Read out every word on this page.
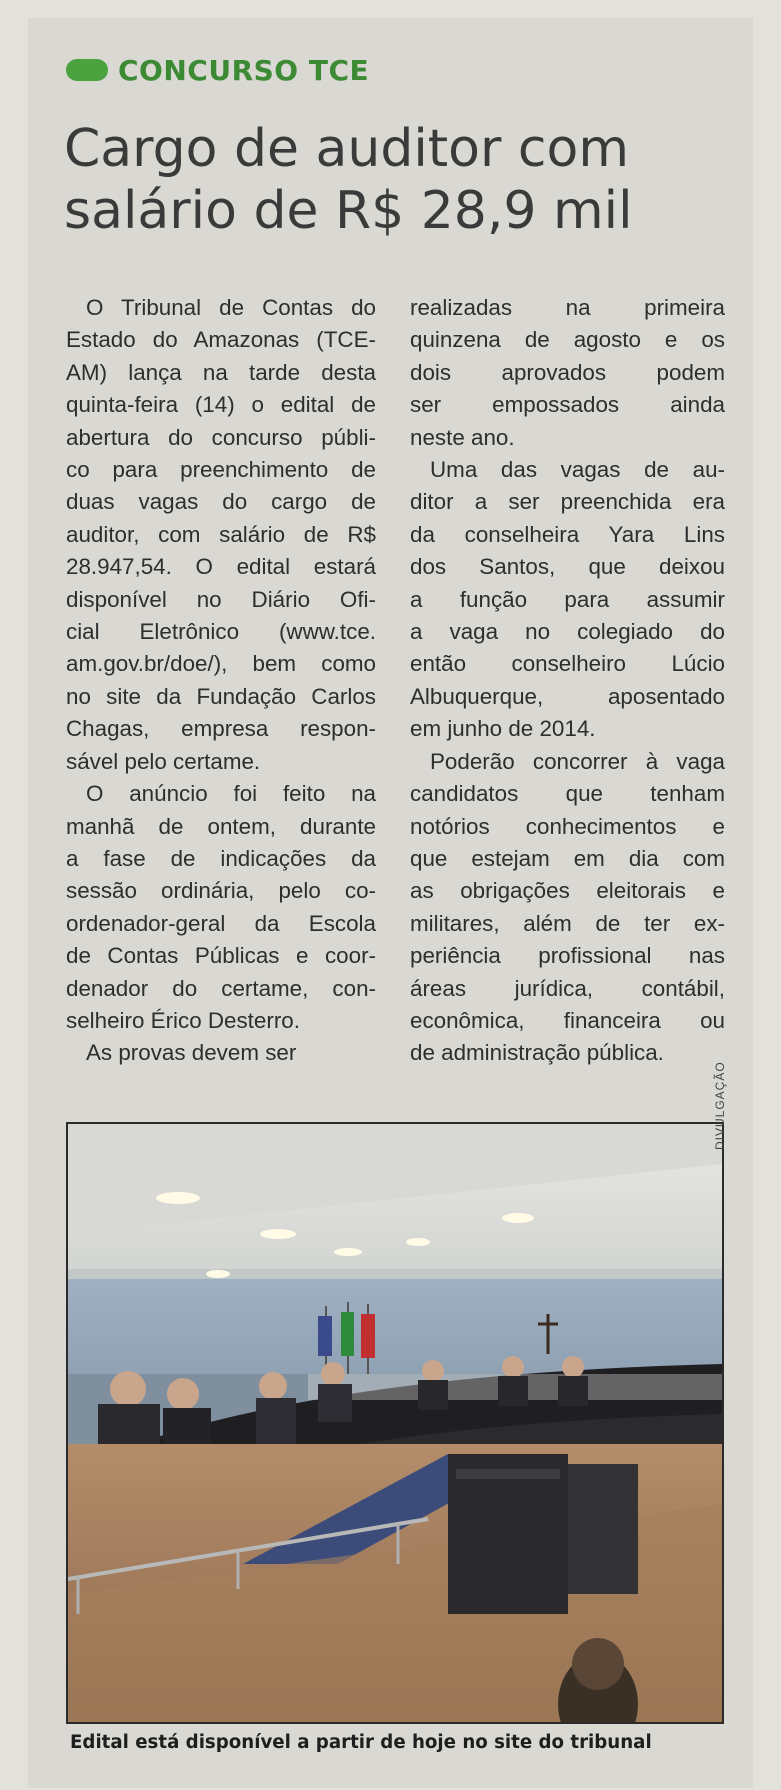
CONCURSO TCE
Cargo de auditor com
salário de R$ 28,9 mil
O Tribunal de Contas do
Estado do Amazonas (TCE-
AM) lança na tarde desta
quinta-feira (14) o edital de
abertura do concurso públi-
co para preenchimento de
duas vagas do cargo de
auditor, com salário de R$
28.947,54. O edital estará
disponível no Diário Ofi-
cial Eletrônico (www.tce.
am.gov.br/doe/), bem como
no site da Fundação Carlos
Chagas, empresa respon-
sável pelo certame.
O anúncio foi feito na
manhã de ontem, durante
a fase de indicações da
sessão ordinária, pelo co-
ordenador-geral da Escola
de Contas Públicas e coor-
denador do certame, con-
selheiro Érico Desterro.
As provas devem ser
realizadas na primeira
quinzena de agosto e os
dois aprovados podem
ser empossados ainda
neste ano.
Uma das vagas de au-
ditor a ser preenchida era
da conselheira Yara Lins
dos Santos, que deixou
a função para assumir
a vaga no colegiado do
então conselheiro Lúcio
Albuquerque, aposentado
em junho de 2014.
Poderão concorrer à vaga
candidatos que tenham
notórios conhecimentos e
que estejam em dia com
as obrigações eleitorais e
militares, além de ter ex-
periência profissional nas
áreas jurídica, contábil,
econômica, financeira ou
de administração pública.
DIVULGAÇÃO
Edital está disponível a partir de hoje no site do tribunal
